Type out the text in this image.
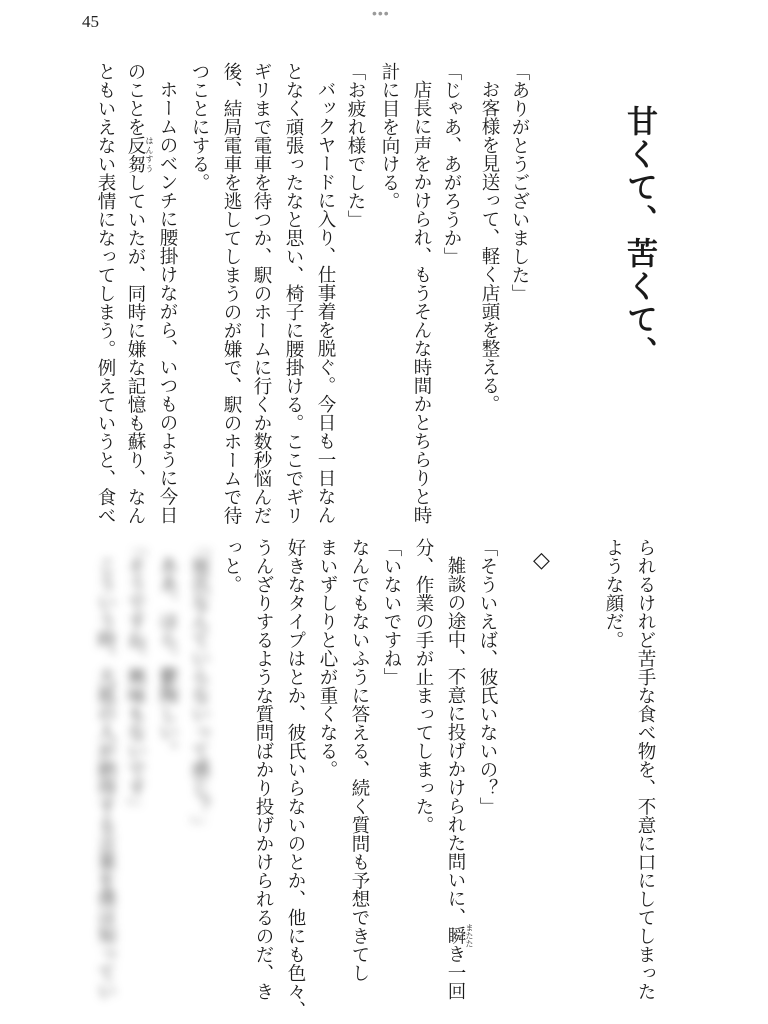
45	•••
甘くて、苦くて、
「ありがとうございました」
お客様を見送って、軽く店頭を整える。
「じゃあ、あがろうか」
店長に声をかけられ、もうそんな時間かとちらりと時
計に目を向ける。
「お疲れ様でした」
バックヤードに入り、仕事着を脱ぐ。今日も一日なん
となく頑張ったなと思い、椅子に腰掛ける。ここでギリ
ギリまで電車を待つか、駅のホームに行くか数秒悩んだ
後、結局電車を逃してしまうのが嫌で、駅のホームで待
つことにする。
ホームのベンチに腰掛けながら、いつものように今日
のことを反芻 はんすうしていたが、同時に嫌な記憶も蘇り、なん
ともいえない表情になってしまう。例えていうと、食べ
られるけれど苦手な食べ物を、不意に口にしてしまった
ような顔だ。
◇
「そういえば、彼氏いないの？」
雑談の途中、不意に投げかけられた問いに、瞬 またたき一回
分、作業の手が止まってしまった。
「いないですね」
なんでもないふうに答える、続く質問も予想できてし
まいずしりと心が重くなる。
好きなタイプはとか、彼氏いらないのとか、他にも色々、
うんざりするような質問ばかり投げかけられるのだ、き
っと。
「彼氏なんていらないって感じ？」
ああ、ほら、鬱陶しい。
「そうですね、興味もないです」
こういう時、大抵の人が納得する言葉を僕は知ってい
